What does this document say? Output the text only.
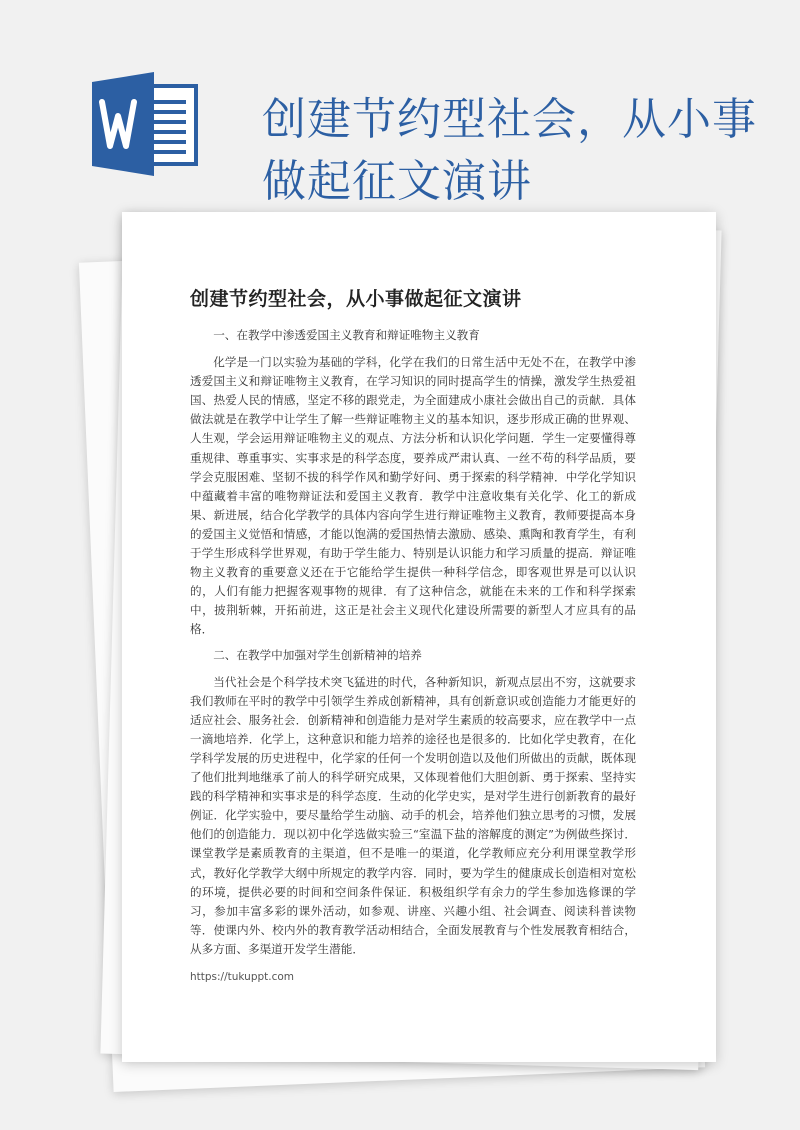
创建节约型社会，从小事做起征文演讲
创建节约型社会，从小事做起征文演讲
一、在教学中渗透爱国主义教育和辩证唯物主义教育

化学是一门以实验为基础的学科，化学在我们的日常生活中无处不在，在教学中渗透爱国主义和辩证唯物主义教育，在学习知识的同时提高学生的情操，激发学生热爱祖国、热爱人民的情感，坚定不移的跟党走，为全面建成小康社会做出自己的贡献．具体做法就是在教学中让学生了解一些辩证唯物主义的基本知识，逐步形成正确的世界观、人生观，学会运用辩证唯物主义的观点、方法分析和认识化学问题．学生一定要懂得尊重规律、尊重事实、实事求是的科学态度，要养成严肃认真、一丝不苟的科学品质，要学会克服困难、坚韧不拔的科学作风和勤学好问、勇于探索的科学精神．中学化学知识中蕴藏着丰富的唯物辩证法和爱国主义教育．教学中注意收集有关化学、化工的新成果、新进展，结合化学教学的具体内容向学生进行辩证唯物主义教育，教师要提高本身的爱国主义觉悟和情感，才能以饱满的爱国热情去激励、感染、熏陶和教育学生，有利于学生形成科学世界观，有助于学生能力、特别是认识能力和学习质量的提高．辩证唯物主义教育的重要意义还在于它能给学生提供一种科学信念，即客观世界是可以认识的，人们有能力把握客观事物的规律．有了这种信念，就能在未来的工作和科学探索中，披荆斩棘，开拓前进，这正是社会主义现代化建设所需要的新型人才应具有的品格．

二、在教学中加强对学生创新精神的培养

当代社会是个科学技术突飞猛进的时代，各种新知识，新观点层出不穷，这就要求我们教师在平时的教学中引领学生养成创新精神，具有创新意识或创造能力才能更好的适应社会、服务社会．创新精神和创造能力是对学生素质的较高要求，应在教学中一点一滴地培养．化学上，这种意识和能力培养的途径也是很多的．比如化学史教育，在化学科学发展的历史进程中，化学家的任何一个发明创造以及他们所做出的贡献，既体现了他们批判地继承了前人的科学研究成果，又体现着他们大胆创新、勇于探索、坚持实践的科学精神和实事求是的科学态度．生动的化学史实，是对学生进行创新教育的最好例证．化学实验中，要尽量给学生动脑、动手的机会，培养他们独立思考的习惯，发展他们的创造能力．现以初中化学选做实验三“室温下盐的溶解度的测定”为例做些探讨．课堂教学是素质教育的主渠道，但不是唯一的渠道，化学教师应充分利用课堂教学形式，教好化学教学大纲中所规定的教学内容．同时，要为学生的健康成长创造相对宽松的环境，提供必要的时间和空间条件保证．积极组织学有余力的学生参加选修课的学习，参加丰富多彩的课外活动，如参观、讲座、兴趣小组、社会调查、阅读科普读物等．使课内外、校内外的教育教学活动相结合，全面发展教育与个性发展教育相结合，从多方面、多渠道开发学生潜能．

https://tukuppt.com
